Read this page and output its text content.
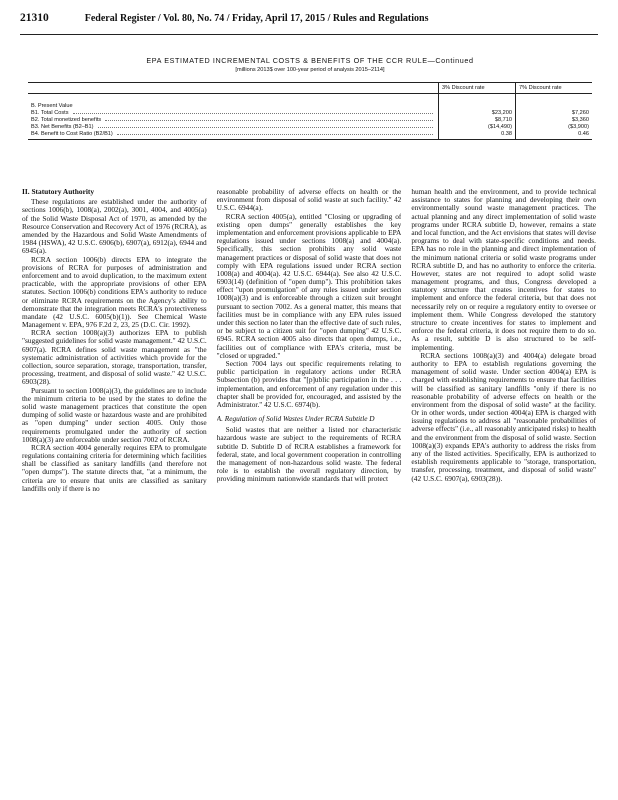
21310	Federal Register / Vol. 80, No. 74 / Friday, April 17, 2015 / Rules and Regulations
EPA ESTIMATED INCREMENTAL COSTS & BENEFITS OF THE CCR RULE—Continued
[millions 2013$ over 100-year period of analysis 2015–2114]
	3% Discount rate	7% Discount rate

B. Present Value		

B1. Total Costs	$23,200	$7,260

B2. Total monetized benefits	$8,710	$3,360

B3. Net Benefits (B2–B1)	($14,490)	($3,900)

B4. Benefit to Cost Ratio (B2/B1)	0.38	0.46
II. Statutory Authority

These regulations are established under the authority of sections 1006(b), 1008(a), 2002(a), 3001, 4004, and 4005(a) of the Solid Waste Disposal Act of 1970, as amended by the Resource Conservation and Recovery Act of 1976 (RCRA), as amended by the Hazardous and Solid Waste Amendments of 1984 (HSWA), 42 U.S.C. 6906(b), 6907(a), 6912(a), 6944 and 6945(a).

RCRA section 1006(b) directs EPA to integrate the provisions of RCRA for purposes of administration and enforcement and to avoid duplication, to the maximum extent practicable, with the appropriate provisions of other EPA statutes. Section 1006(b) conditions EPA's authority to reduce or eliminate RCRA requirements on the Agency's ability to demonstrate that the integration meets RCRA's protectiveness mandate (42 U.S.C. 6005(b)(1)). See Chemical Waste Management v. EPA, 976 F.2d 2, 23, 25 (D.C. Cir. 1992).

RCRA section 1008(a)(3) authorizes EPA to publish "suggested guidelines for solid waste management." 42 U.S.C. 6907(a). RCRA defines solid waste management as "the systematic administration of activities which provide for the collection, source separation, storage, transportation, transfer, processing, treatment, and disposal of solid waste." 42 U.S.C. 6903(28).

Pursuant to section 1008(a)(3), the guidelines are to include the minimum criteria to be used by the states to define the solid waste management practices that constitute the open dumping of solid waste or hazardous waste and are prohibited as "open dumping" under section 4005. Only those requirements promulgated under the authority of section 1008(a)(3) are enforceable under section 7002 of RCRA.

RCRA section 4004 generally requires EPA to promulgate regulations containing criteria for determining which facilities shall be classified as sanitary landfills (and therefore not "open dumps"). The statute directs that, "at a minimum, the criteria are to ensure that units are classified as sanitary landfills only if there is no

reasonable probability of adverse effects on health or the environment from disposal of solid waste at such facility." 42 U.S.C. 6944(a).

RCRA section 4005(a), entitled "Closing or upgrading of existing open dumps" generally establishes the key implementation and enforcement provisions applicable to EPA regulations issued under sections 1008(a) and 4004(a). Specifically, this section prohibits any solid waste management practices or disposal of solid waste that does not comply with EPA regulations issued under RCRA section 1008(a) and 4004(a). 42 U.S.C. 6944(a). See also 42 U.S.C. 6903(14) (definition of "open dump"). This prohibition takes effect "upon promulgation" of any rules issued under section 1008(a)(3) and is enforceable through a citizen suit brought pursuant to section 7002. As a general matter, this means that facilities must be in compliance with any EPA rules issued under this section no later than the effective date of such rules, or be subject to a citizen suit for "open dumping" 42 U.S.C. 6945. RCRA section 4005 also directs that open dumps, i.e., facilities out of compliance with EPA's criteria, must be "closed or upgraded."

Section 7004 lays out specific requirements relating to public participation in regulatory actions under RCRA Subsection (b) provides that "[p]ublic participation in the . . . implementation, and enforcement of any regulation under this chapter shall be provided for, encouraged, and assisted by the Administrator." 42 U.S.C. 6974(b).

A. Regulation of Solid Wastes Under RCRA Subtitle D

Solid wastes that are neither a listed nor characteristic hazardous waste are subject to the requirements of RCRA subtitle D. Subtitle D of RCRA establishes a framework for federal, state, and local government cooperation in controlling the management of non-hazardous solid waste. The federal role is to establish the overall regulatory direction, by providing minimum nationwide standards that will protect

human health and the environment, and to provide technical assistance to states for planning and developing their own environmentally sound waste management practices. The actual planning and any direct implementation of solid waste programs under RCRA subtitle D, however, remains a state and local function, and the Act envisions that states will devise programs to deal with state-specific conditions and needs. EPA has no role in the planning and direct implementation of the minimum national criteria or solid waste programs under RCRA subtitle D, and has no authority to enforce the criteria. However, states are not required to adopt solid waste management programs, and thus, Congress developed a statutory structure that creates incentives for states to implement and enforce the federal criteria, but that does not necessarily rely on or require a regulatory entity to oversee or implement them. While Congress developed the statutory structure to create incentives for states to implement and enforce the federal criteria, it does not require them to do so. As a result, subtitle D is also structured to be self-implementing.

RCRA sections 1008(a)(3) and 4004(a) delegate broad authority to EPA to establish regulations governing the management of solid waste. Under section 4004(a) EPA is charged with establishing requirements to ensure that facilities will be classified as sanitary landfills "only if there is no reasonable probability of adverse effects on health or the environment from the disposal of solid waste" at the facility. Or in other words, under section 4004(a) EPA is charged with issuing regulations to address all "reasonable probabilities of adverse effects" (i.e., all reasonably anticipated risks) to health and the environment from the disposal of solid waste. Section 1008(a)(3) expands EPA's authority to address the risks from any of the listed activities. Specifically, EPA is authorized to establish requirements applicable to "storage, transportation, transfer, processing, treatment, and disposal of solid waste" (42 U.S.C. 6907(a), 6903(28)).
